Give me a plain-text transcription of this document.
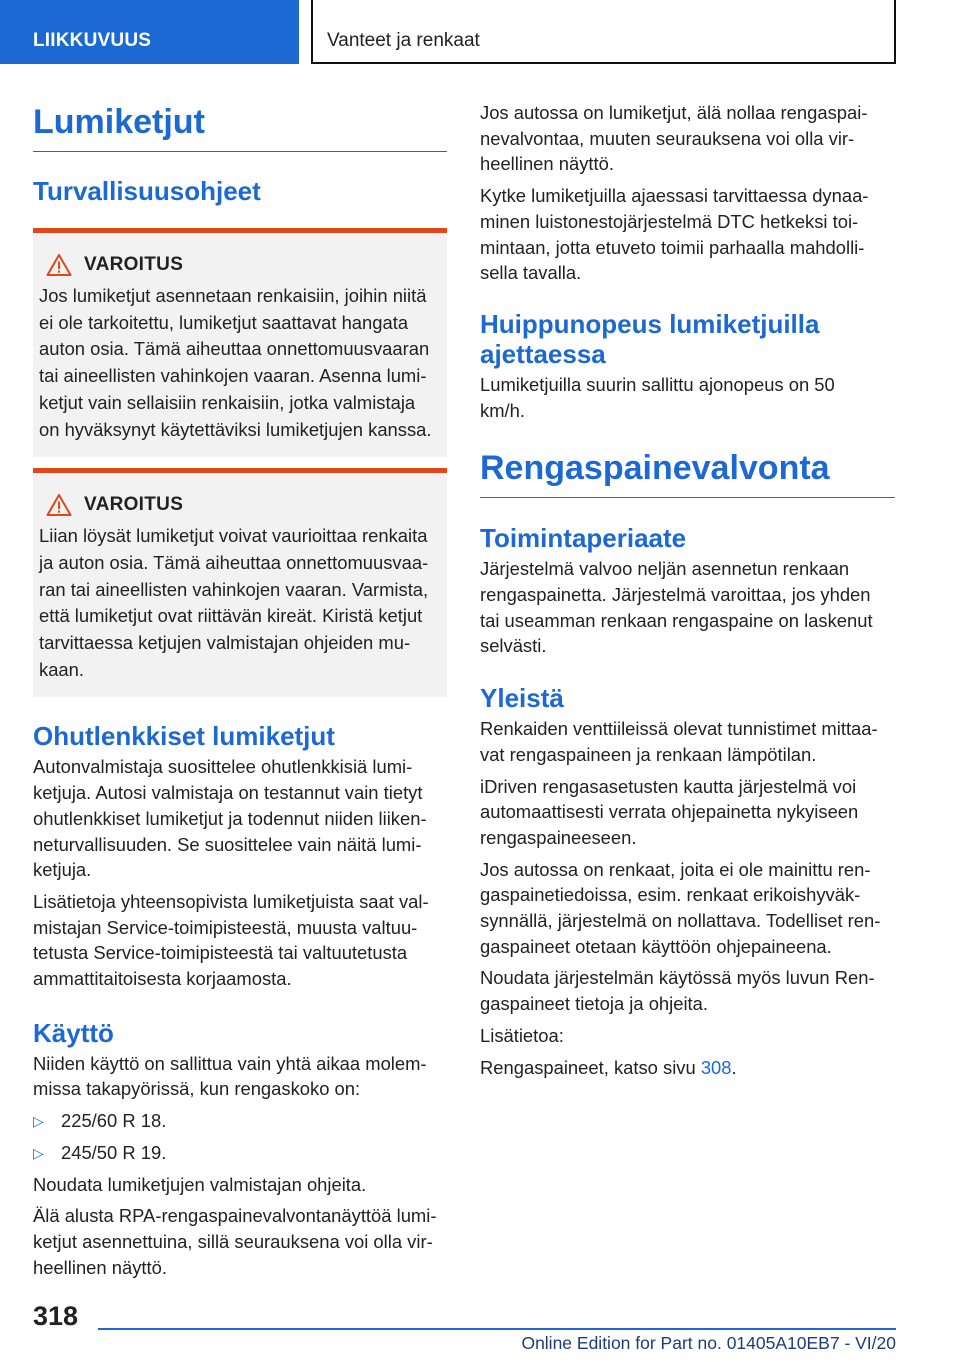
LIIKKUVUUS	Vanteet ja renkaat
Lumiketjut
Turvallisuusohjeet
VAROITUS

Jos lumiketjut asennetaan renkaisiin, joihin niitä ei ole tarkoitettu, lumiketjut saattavat hangata auton osia. Tämä aiheuttaa onnettomuusvaaran tai aineellisten vahinkojen vaaran. Asenna lumi-ketjut vain sellaisiin renkaisiin, jotka valmistaja on hyväksynyt käytettäviksi lumiketjujen kanssa.

VAROITUS

Liian löysät lumiketjut voivat vaurioittaa renkaita ja auton osia. Tämä aiheuttaa onnettomuusvaa-ran tai aineellisten vahinkojen vaaran. Varmista, että lumiketjut ovat riittävän kireät. Kiristä ketjut tarvittaessa ketjujen valmistajan ohjeiden mu-kaan.

Ohutlenkkiset lumiketjut

Autonvalmistaja suosittelee ohutlenkkisiä lumi-ketjuja. Autosi valmistaja on testannut vain tietyt ohutlenkkiset lumiketjut ja todennut niiden liiken-neturvallisuuden. Se suosittelee vain näitä lumi-ketjuja.

Lisätietoja yhteensopivista lumiketjuista saat val-mistajan Service-toimipisteestä, muusta valtuu-tetusta Service-toimipisteestä tai valtuutetusta ammattitaitoisesta korjaamosta.

Käyttö

Niiden käyttö on sallittua vain yhtä aikaa molem-missa takapyörissä, kun rengaskoko on:

▷ 225/60 R 18.
▷ 245/50 R 19.

Noudata lumiketjujen valmistajan ohjeita.

Älä alusta RPA-rengaspainevalvontanäyttöä lumi-ketjut asennettuina, sillä seurauksena voi olla vir-heellinen näyttö.

Jos autossa on lumiketjut, älä nollaa rengaspai-nevalvontaa, muuten seurauksena voi olla vir-heellinen näyttö.

Kytke lumiketjuilla ajaessasi tarvittaessa dynaa-minen luistonestojärjestelmä DTC hetkeksi toi-mintaan, jotta etuveto toimii parhaalla mahdolli-sella tavalla.

Huippunopeus lumiketjuilla ajettaessa

Lumiketjuilla suurin sallittu ajonopeus on 50 km/h.

Rengaspainevalvonta
Toimintaperiaate

Järjestelmä valvoo neljän asennetun renkaan rengaspainetta. Järjestelmä varoittaa, jos yhden tai useamman renkaan rengaspaine on laskenut selvästi.

Yleistä

Renkaiden venttiileissä olevat tunnistimet mittaa-vat rengaspaineen ja renkaan lämpötilan.

iDriven rengasasetusten kautta järjestelmä voi automaattisesti verrata ohjepainetta nykyiseen rengaspaineeseen.

Jos autossa on renkaat, joita ei ole mainittu ren-gaspainetiedoissa, esim. renkaat erikoishyväk-synnällä, järjestelmä on nollattava. Todelliset ren-gaspaineet otetaan käyttöön ohjepaineena.

Noudata järjestelmän käytössä myös luvun Ren-gaspaineet tietoja ja ohjeita.

Lisätietoa:

Rengaspaineet, katso sivu 308.

318
Online Edition for Part no. 01405A10EB7 - VI/20
